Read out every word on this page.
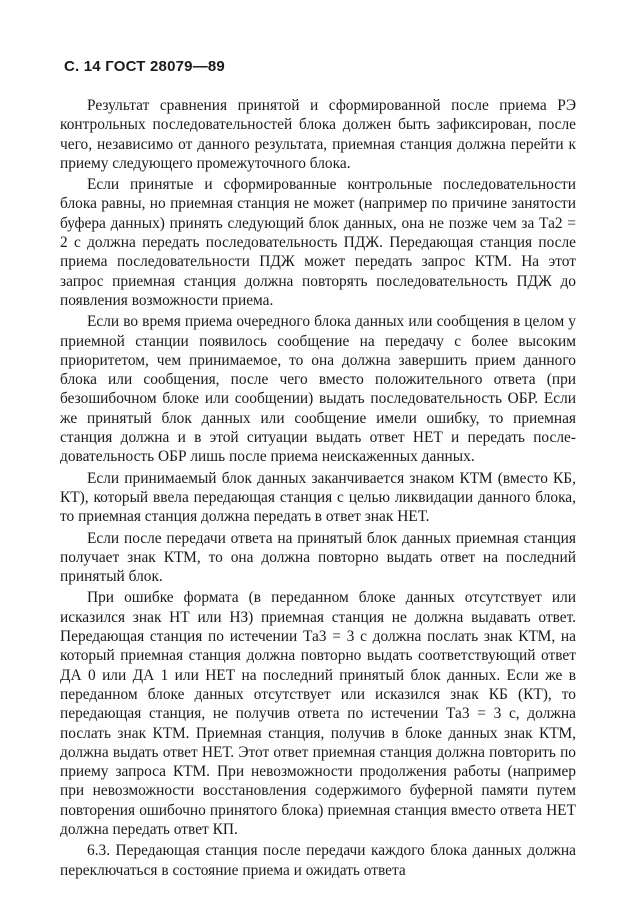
С. 14 ГОСТ 28079—89

Результат сравнения принятой и сформированной после приема РЭ контрольных последовательностей блока должен быть зафиксирован, после чего, независимо от данного результата, приемная станция должна перейти к приему следующего промежуточного блока.

Если принятые и сформированные контрольные последовательности блока равны, но приемная станция не может (например по причине занятости буфера данных) принять следующий блок данных, она не позже чем за Та2 = 2 с должна передать последовательность ПДЖ. Передающая станция после приема последовательности ПДЖ может передать запрос КТМ. На этот запрос приемная станция должна повторять последовательность ПДЖ до появления возможности приема.

Если во время приема очередного блока данных или сообщения в целом у приемной станции появилось сообщение на передачу с более высоким приоритетом, чем принимаемое, то она должна завершить прием данного блока или сообщения, после чего вместо положительного ответа (при безошибочном блоке или сообщении) выдать последовательность ОБР. Если же принятый блок данных или сообщение имели ошибку, то приемная станция должна и в этой ситуации выдать ответ НЕТ и передать последовательность ОБР лишь после приема неискаженных данных.

Если принимаемый блок данных заканчивается знаком КТМ (вместо КБ, КТ), который ввела передающая станция с целью ликвидации данного блока, то приемная станция должна передать в ответ знак НЕТ.

Если после передачи ответа на принятый блок данных приемная станция получает знак КТМ, то она должна повторно выдать ответ на последний принятый блок.

При ошибке формата (в переданном блоке данных отсутствует или исказился знак НТ или НЗ) приемная станция не должна выдавать ответ. Передающая станция по истечении Та3 = 3 с должна послать знак КТМ, на который приемная станция должна повторно выдать соответствующий ответ ДА 0 или ДА 1 или НЕТ на последний принятый блок данных. Если же в переданном блоке данных отсутствует или исказился знак КБ (КТ), то передающая станция, не получив ответа по истечении Та3 = 3 с, должна послать знак КТМ. Приемная станция, получив в блоке данных знак КТМ, должна выдать ответ НЕТ. Этот ответ приемная станция должна повторить по приему запроса КТМ. При невозможности продолжения работы (например при невозможности восстановления содержимого буферной памяти путем повторения ошибочно принятого блока) приемная станция вместо ответа НЕТ должна передать ответ КП.

6.3. Передающая станция после передачи каждого блока данных должна переключаться в состояние приема и ожидать ответа
